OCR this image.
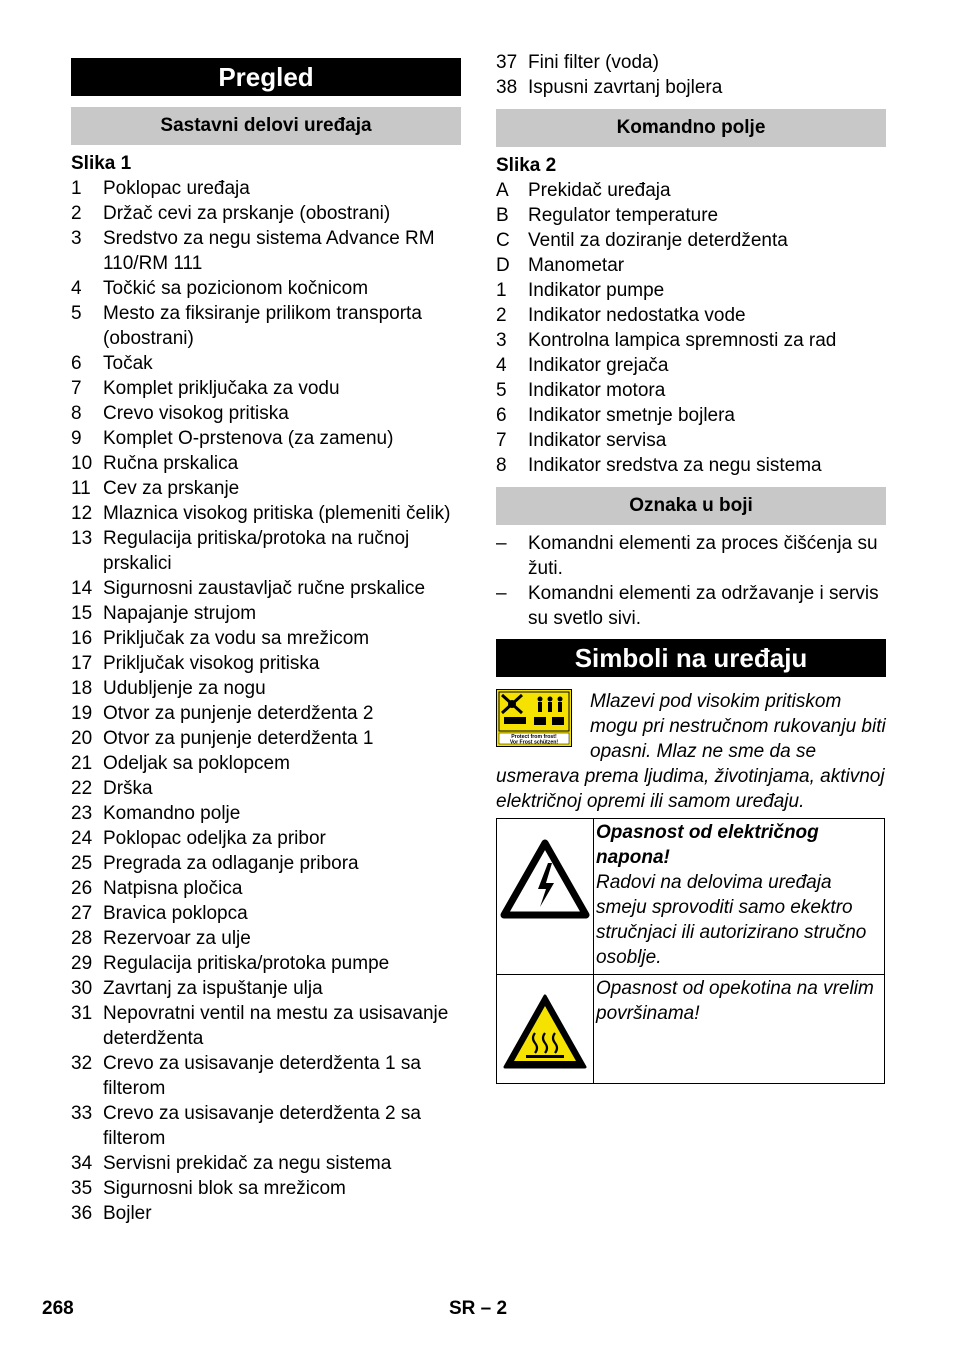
Pregled
Sastavni delovi uređaja
Slika 1
1	Poklopac uređaja
2	Držač cevi za prskanje (obostrani)
3	Sredstvo za negu sistema Advance RM 110/RM 111
4	Točkić sa pozicionom kočnicom
5	Mesto za fiksiranje prilikom transporta (obostrani)
6	Točak
7	Komplet priključaka za vodu
8	Crevo visokog pritiska
9	Komplet O-prstenova (za zamenu)
10 Ručna prskalica
11 Cev za prskanje
12 Mlaznica visokog pritiska (plemeniti čelik)
13 Regulacija pritiska/protoka na ručnoj prskalici
14 Sigurnosni zaustavljač ručne prskalice
15 Napajanje strujom
16 Priključak za vodu sa mrežicom
17 Priključak visokog pritiska
18 Udubljenje za nogu
19 Otvor za punjenje deterdženta 2
20 Otvor za punjenje deterdženta 1
21 Odeljak sa poklopcem
22 Drška
23 Komandno polje
24 Poklopac odeljka za pribor
25 Pregrada za odlaganje pribora
26 Natpisna pločica
27 Bravica poklopca
28 Rezervoar za ulje
29 Regulacija pritiska/protoka pumpe
30 Zavrtanj za ispuštanje ulja
31 Nepovratni ventil na mestu za usisavanje deterdženta
32 Crevo za usisavanje deterdženta 1 sa filterom
33 Crevo za usisavanje deterdženta 2 sa filterom
34 Servisni prekidač za negu sistema
35 Sigurnosni blok sa mrežicom
36 Bojler
37 Fini filter (voda)
38 Ispusni zavrtanj bojlera
Komandno polje
Slika 2
A	Prekidač uređaja
B	Regulator temperature
C Ventil za doziranje deterdženta
D Manometar
1	Indikator pumpe
2	Indikator nedostatka vode
3	Kontrolna lampica spremnosti za rad
4	Indikator grejača
5	Indikator motora
6	Indikator smetnje bojlera
7	Indikator servisa
8	Indikator sredstva za negu sistema
Oznaka u boji
–	Komandni elementi za proces čišćenja su žuti.
–	Komandni elementi za održavanje i servis su svetlo sivi.
Simboli na uređaju
Protect from frost!
Vor Frost schützen!
Mlazevi pod visokim pritiskom mogu pri nestručnom rukovanju biti opasni. Mlaz ne sme da se usmerava prema ljudima, životinjama, aktivnoj električnoj opremi ili samom uređaju.

Opasnost od električnog napona!
Radovi na delovima uređaja smeju sprovoditi samo ekektro stručnjaci ili autorizirano stručno osoblje.

Opasnost od opekotina na vrelim površinama!
268	SR – 2
